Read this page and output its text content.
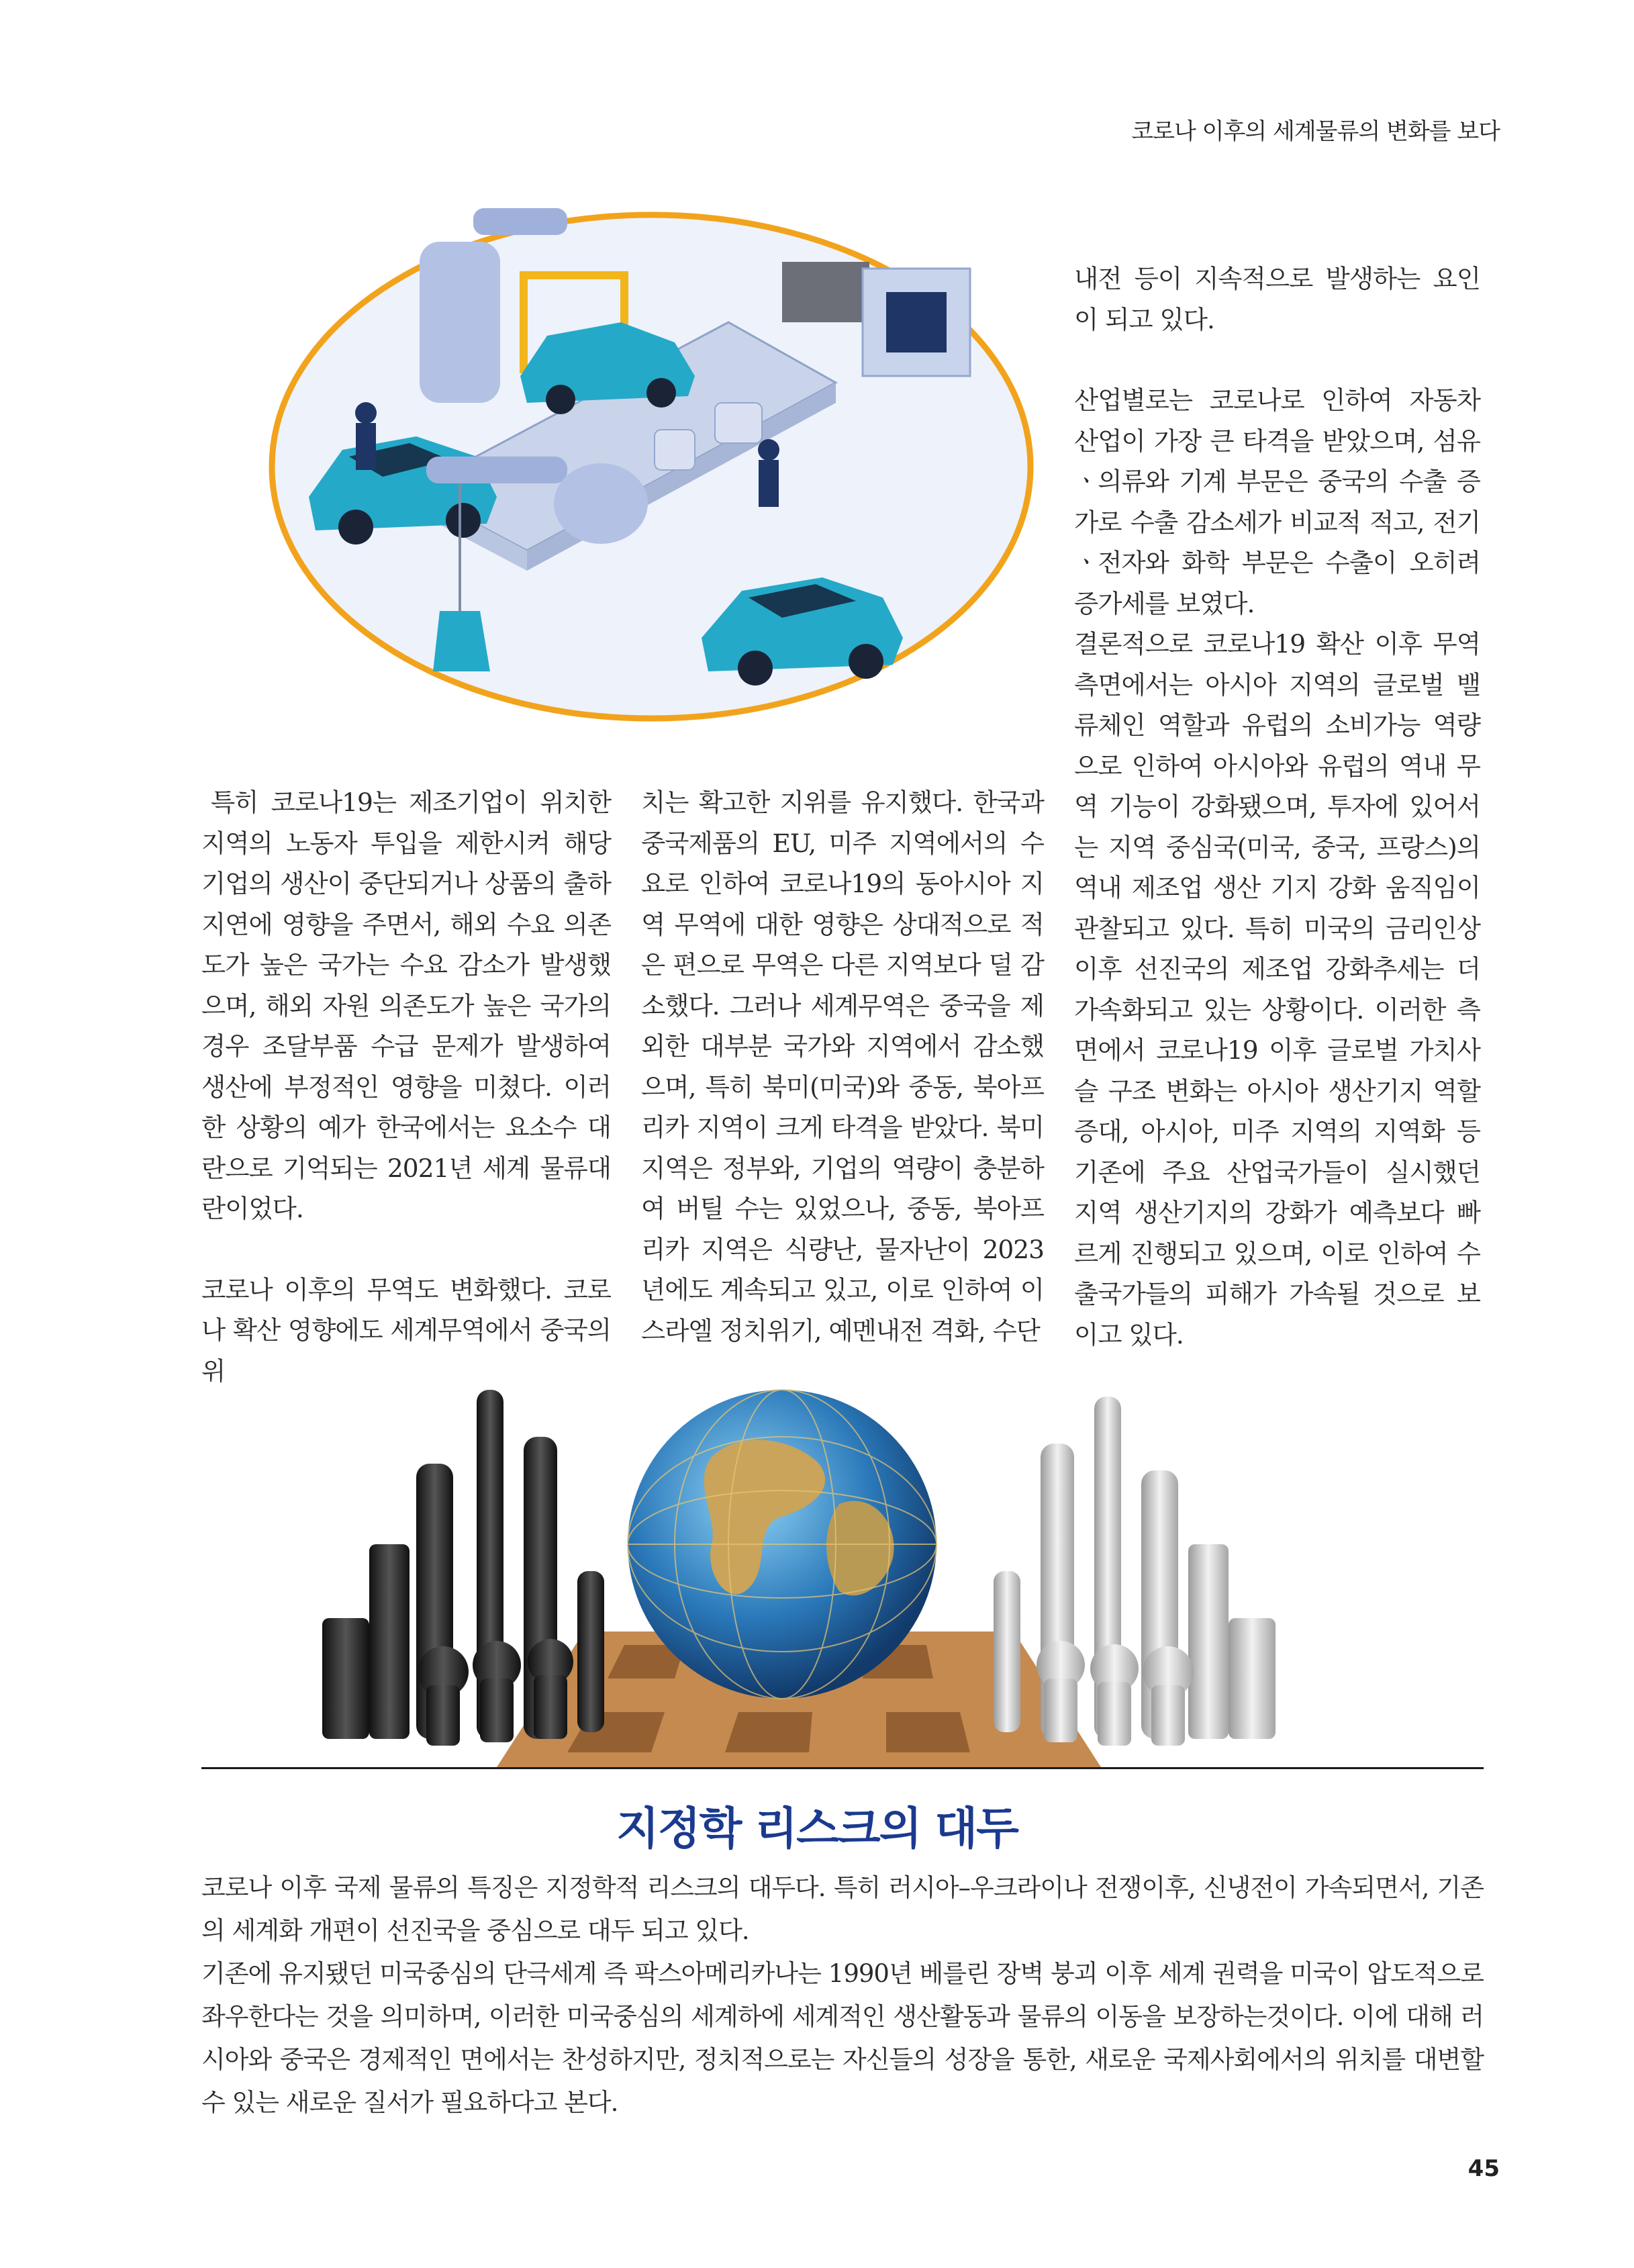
코로나 이후의 세계물류의 변화를 보다

특히 코로나19는 제조기업이 위치한 지역의 노동자 투입을 제한시켜 해당 기업의 생산이 중단되거나 상품의 출하 지연에 영향을 주면서, 해외 수요 의존도가 높은 국가는 수요 감소가 발생했으며, 해외 자원 의존도가 높은 국가의 경우 조달부품 수급 문제가 발생하여 생산에 부정적인 영향을 미쳤다. 이러한 상황의 예가 한국에서는 요소수 대란으로 기억되는 2021년 세계 물류대란이었다.

코로나 이후의 무역도 변화했다. 코로나 확산 영향에도 세계무역에서 중국의 위

치는 확고한 지위를 유지했다. 한국과 중국제품의 EU, 미주 지역에서의 수요로 인하여 코로나19의 동아시아 지역 무역에 대한 영향은 상대적으로 적은 편으로 무역은 다른 지역보다 덜 감소했다. 그러나 세계무역은 중국을 제외한 대부분 국가와 지역에서 감소했으며, 특히 북미(미국)와 중동, 북아프리카 지역이 크게 타격을 받았다. 북미지역은 정부와, 기업의 역량이 충분하여 버틸 수는 있었으나, 중동, 북아프리카 지역은 식량난, 물자난이 2023년에도 계속되고 있고, 이로 인하여 이스라엘 정치위기, 예멘내전 격화, 수단

내전 등이 지속적으로 발생하는 요인이 되고 있다.

산업별로는 코로나로 인하여 자동차 산업이 가장 큰 타격을 받았으며, 섬유ㆍ의류와 기계 부문은 중국의 수출 증가로 수출 감소세가 비교적 적고, 전기ㆍ전자와 화학 부문은 수출이 오히려 증가세를 보였다.

결론적으로 코로나19 확산 이후 무역 측면에서는 아시아 지역의 글로벌 밸류체인 역할과 유럽의 소비가능 역량으로 인하여 아시아와 유럽의 역내 무역 기능이 강화됐으며, 투자에 있어서는 지역 중심국(미국, 중국, 프랑스)의 역내 제조업 생산 기지 강화 움직임이 관찰되고 있다. 특히 미국의 금리인상 이후 선진국의 제조업 강화추세는 더 가속화되고 있는 상황이다. 이러한 측면에서 코로나19 이후 글로벌 가치사슬 구조 변화는 아시아 생산기지 역할 증대, 아시아, 미주 지역의 지역화 등 기존에 주요 산업국가들이 실시했던 지역 생산기지의 강화가 예측보다 빠르게 진행되고 있으며, 이로 인하여 수출국가들의 피해가 가속될 것으로 보이고 있다.

지정학 리스크의 대두

코로나 이후 국제 물류의 특징은 지정학적 리스크의 대두다. 특히 러시아–우크라이나 전쟁이후, 신냉전이 가속되면서, 기존의 세계화 개편이 선진국을 중심으로 대두 되고 있다.

기존에 유지됐던 미국중심의 단극세계 즉 팍스아메리카나는 1990년 베를린 장벽 붕괴 이후 세계 권력을 미국이 압도적으로 좌우한다는 것을 의미하며, 이러한 미국중심의 세계하에 세계적인 생산활동과 물류의 이동을 보장하는것이다. 이에 대해 러시아와 중국은 경제적인 면에서는 찬성하지만, 정치적으로는 자신들의 성장을 통한, 새로운 국제사회에서의 위치를 대변할 수 있는 새로운 질서가 필요하다고 본다.

45
